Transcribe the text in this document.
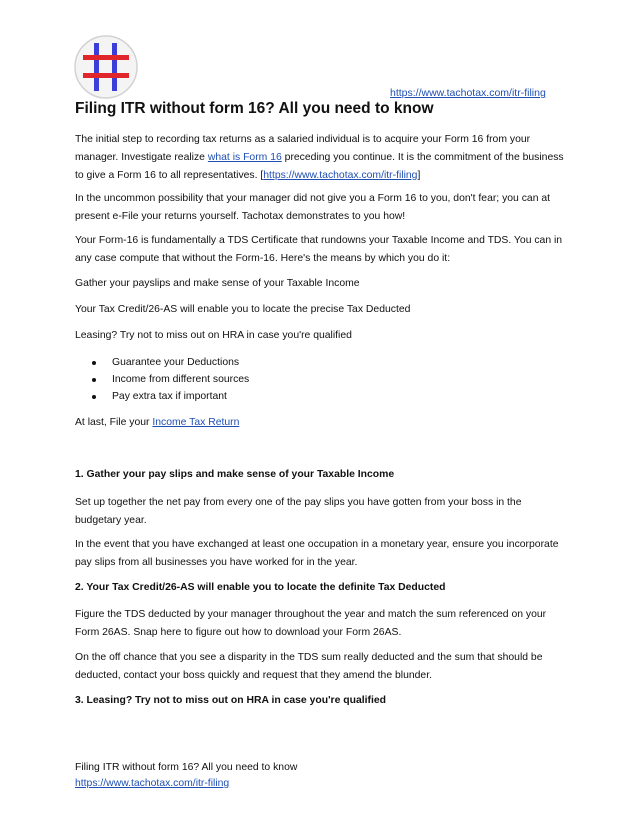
https://www.tachotax.com/itr-filing
Filing ITR without form 16? All you need to know

The initial step to recording tax returns as a salaried individual is to acquire your Form 16 from your manager. Investigate realize what is Form 16 preceding you continue. It is the commitment of the business to give a Form 16 to all representatives. [https://www.tachotax.com/itr-filing]

In the uncommon possibility that your manager did not give you a Form 16 to you, don't fear; you can at present e-File your returns yourself. Tachotax demonstrates to you how!

Your Form-16 is fundamentally a TDS Certificate that rundowns your Taxable Income and TDS. You can in any case compute that without the Form-16. Here's the means by which you do it:

Gather your payslips and make sense of your Taxable Income

Your Tax Credit/26-AS will enable you to locate the precise Tax Deducted

Leasing? Try not to miss out on HRA in case you're qualified

Guarantee your Deductions
Income from different sources
Pay extra tax if important

At last, File your Income Tax Return

1. Gather your pay slips and make sense of your Taxable Income

Set up together the net pay from every one of the pay slips you have gotten from your boss in the budgetary year.

In the event that you have exchanged at least one occupation in a monetary year, ensure you incorporate pay slips from all businesses you have worked for in the year.

2. Your Tax Credit/26-AS will enable you to locate the definite Tax Deducted

Figure the TDS deducted by your manager throughout the year and match the sum referenced on your Form 26AS. Snap here to figure out how to download your Form 26AS.

On the off chance that you see a disparity in the TDS sum really deducted and the sum that should be deducted, contact your boss quickly and request that they amend the blunder.

3. Leasing? Try not to miss out on HRA in case you're qualified

Filing ITR without form 16? All you need to know
https://www.tachotax.com/itr-filing
